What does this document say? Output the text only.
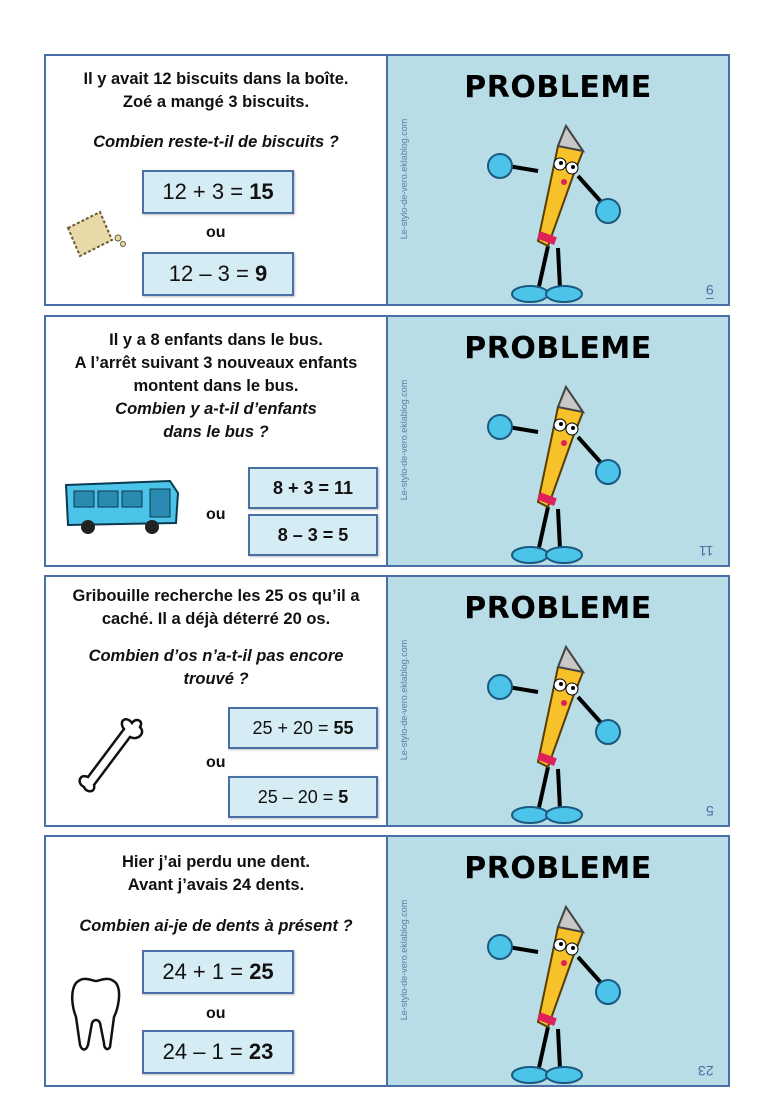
Il y avait 12 biscuits dans la boîte.
Zoé a mangé 3 biscuits.
Combien reste-t-il de biscuits ?
12 + 3 = 15
ou
12 – 3 = 9
PROBLEME
Le-stylo-de-vero.eklablog.com
9
Il y a 8 enfants dans le bus.
A l’arrêt suivant 3 nouveaux enfants
montent dans le bus.
Combien y a-t-il d’enfants
dans le bus ?
ou
8 + 3 = 11
8 – 3 = 5
PROBLEME
Le-stylo-de-vero.eklablog.com
11
Gribouille recherche les 25 os qu’il a
caché. Il a déjà déterré 20 os.
Combien d’os n’a-t-il pas encore
trouvé ?
ou
25 + 20 = 55
25 – 20 = 5
PROBLEME
Le-stylo-de-vero.eklablog.com
5
Hier j’ai perdu une dent.
Avant j’avais 24 dents.
Combien ai-je de dents à présent ?
24 + 1 = 25
ou
24 – 1 = 23
PROBLEME
Le-stylo-de-vero.eklablog.com
23
